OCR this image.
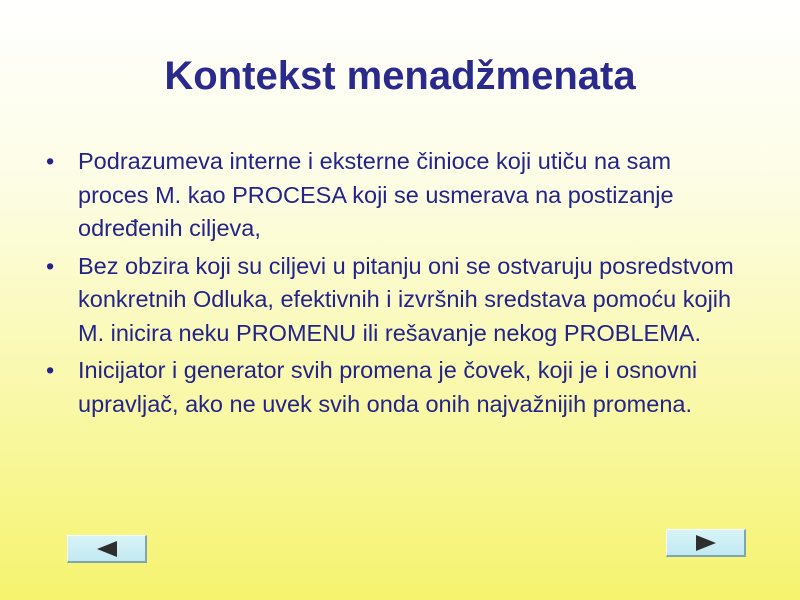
Kontekst menadžmenata
• Podrazumeva interne i eksterne činioce koji utiču na sam proces M. kao PROCESA koji se usmerava na postizanje određenih ciljeva,
• Bez obzira koji su ciljevi u pitanju oni se ostvaruju posredstvom konkretnih Odluka, efektivnih i izvršnih sredstava pomoću kojih M. inicira neku PROMENU ili rešavanje nekog PROBLEMA.
• Inicijator i generator svih promena je čovek, koji je i osnovni upravljač, ako ne uvek svih onda onih najvažnijih promena.
